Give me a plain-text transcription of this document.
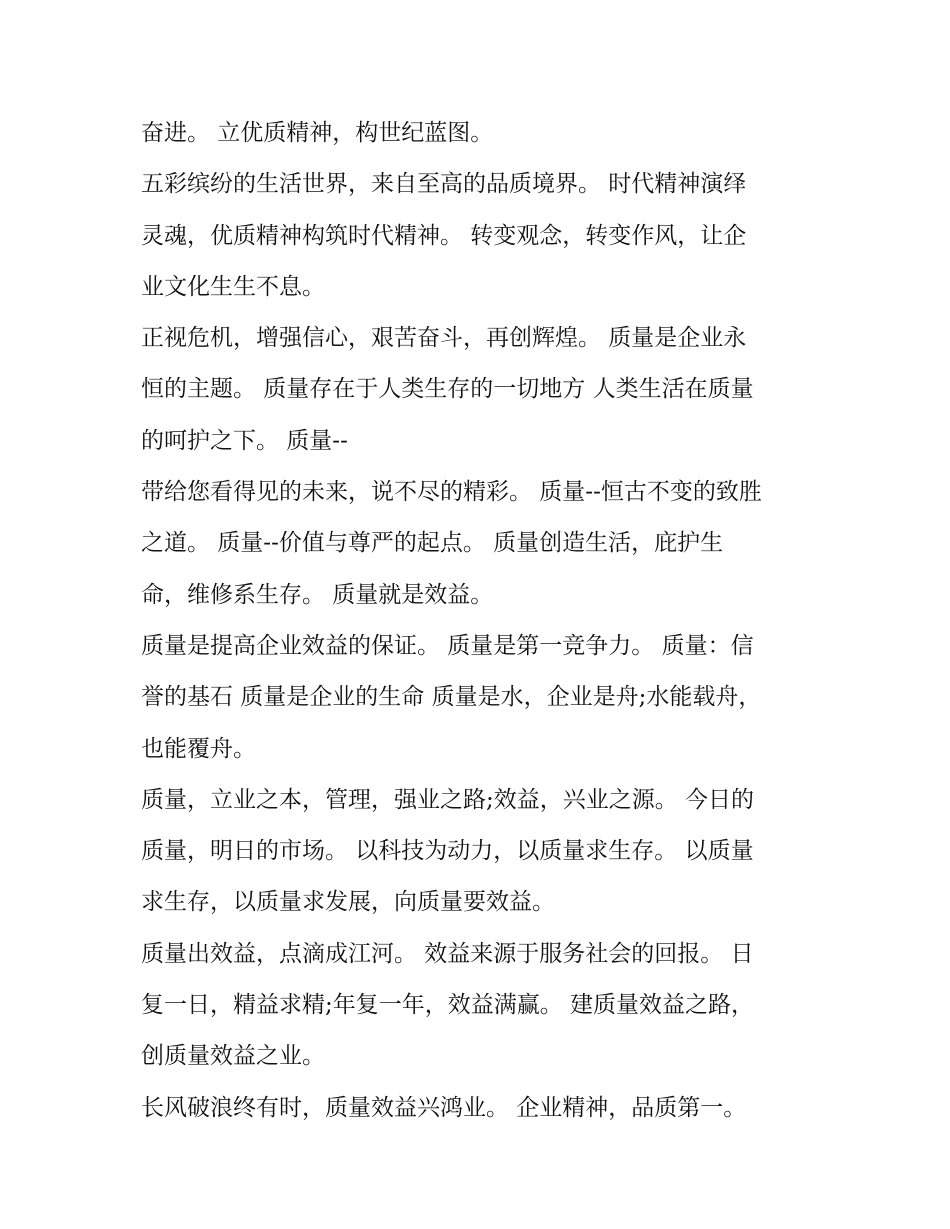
奋进。 立优质精神，构世纪蓝图。
五彩缤纷的生活世界，来自至高的品质境界。 时代精神演绎
灵魂，优质精神构筑时代精神。 转变观念，转变作风，让企
业文化生生不息。
正视危机，增强信心，艰苦奋斗，再创辉煌。 质量是企业永
恒的主题。 质量存在于人类生存的一切地方 人类生活在质量
的呵护之下。 质量--
带给您看得见的未来，说不尽的精彩。 质量--恒古不变的致胜
之道。 质量--价值与尊严的起点。 质量创造生活，庇护生
命，维修系生存。 质量就是效益。
质量是提高企业效益的保证。 质量是第一竞争力。 质量：信
誉的基石 质量是企业的生命 质量是水，企业是舟;水能载舟，
也能覆舟。
质量，立业之本，管理，强业之路;效益，兴业之源。 今日的
质量，明日的市场。 以科技为动力，以质量求生存。 以质量
求生存，以质量求发展，向质量要效益。
质量出效益，点滴成江河。 效益来源于服务社会的回报。 日
复一日，精益求精;年复一年，效益满赢。 建质量效益之路，
创质量效益之业。
长风破浪终有时，质量效益兴鸿业。 企业精神，品质第一。
